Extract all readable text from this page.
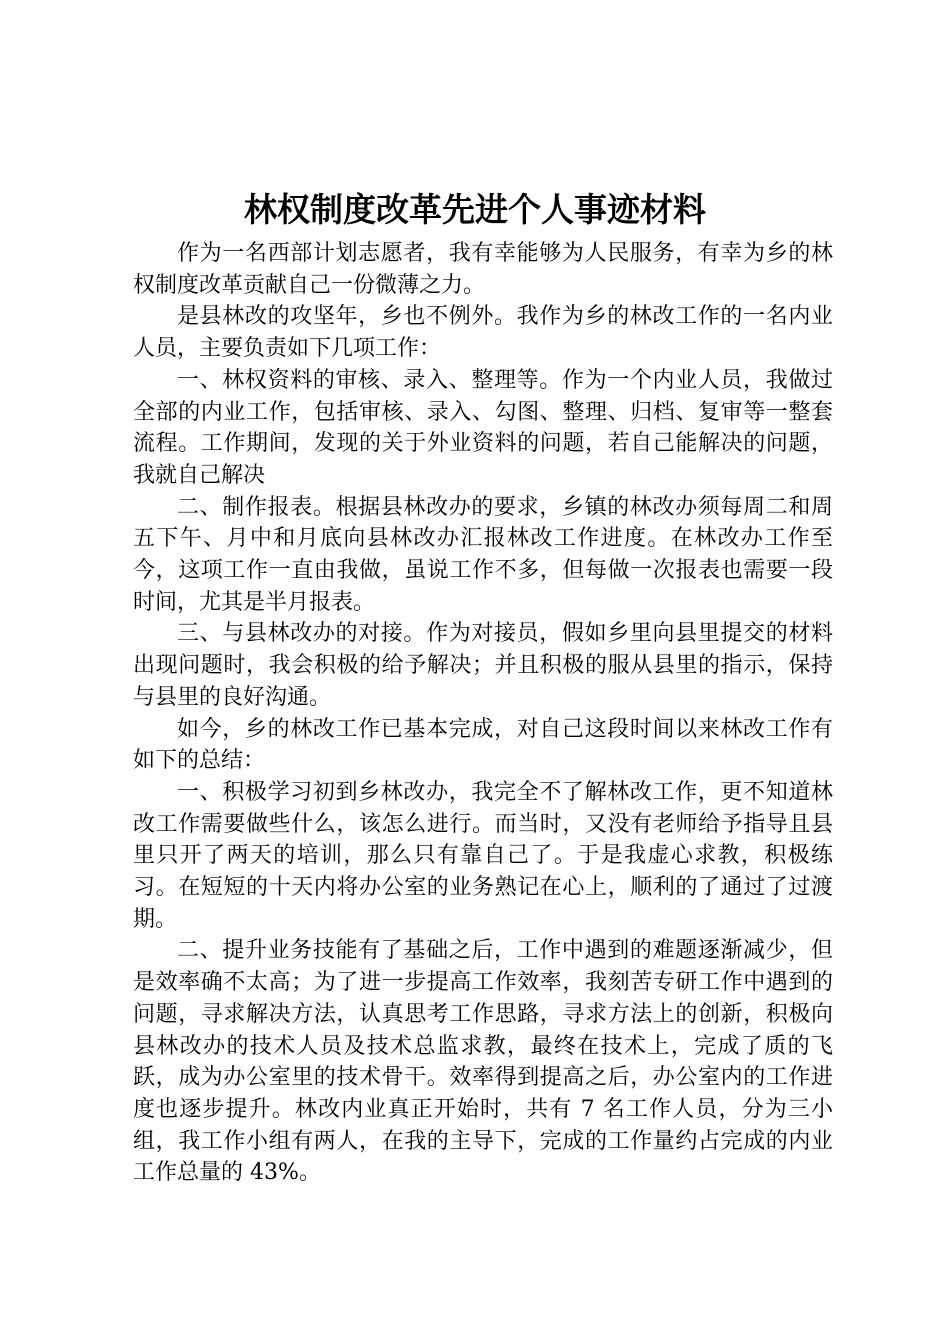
林权制度改革先进个人事迹材料

作为一名西部计划志愿者，我有幸能够为人民服务，有幸为乡的林权制度改革贡献自己一份微薄之力。

是县林改的攻坚年，乡也不例外。我作为乡的林改工作的一名内业人员，主要负责如下几项工作：

一、林权资料的审核、录入、整理等。作为一个内业人员，我做过全部的内业工作，包括审核、录入、勾图、整理、归档、复审等一整套流程。工作期间，发现的关于外业资料的问题，若自己能解决的问题，我就自己解决

二、制作报表。根据县林改办的要求，乡镇的林改办须每周二和周五下午、月中和月底向县林改办汇报林改工作进度。在林改办工作至今，这项工作一直由我做，虽说工作不多，但每做一次报表也需要一段时间，尤其是半月报表。

三、与县林改办的对接。作为对接员，假如乡里向县里提交的材料出现问题时，我会积极的给予解决；并且积极的服从县里的指示，保持与县里的良好沟通。

如今，乡的林改工作已基本完成，对自己这段时间以来林改工作有如下的总结：

一、积极学习初到乡林改办，我完全不了解林改工作，更不知道林改工作需要做些什么，该怎么进行。而当时，又没有老师给予指导且县里只开了两天的培训，那么只有靠自己了。于是我虚心求教，积极练习。在短短的十天内将办公室的业务熟记在心上，顺利的了通过了过渡期。

二、提升业务技能有了基础之后，工作中遇到的难题逐渐减少，但是效率确不太高；为了进一步提高工作效率，我刻苦专研工作中遇到的问题，寻求解决方法，认真思考工作思路，寻求方法上的创新，积极向县林改办的技术人员及技术总监求教，最终在技术上，完成了质的飞跃，成为办公室里的技术骨干。效率得到提高之后，办公室内的工作进度也逐步提升。林改内业真正开始时，共有 7 名工作人员，分为三小组，我工作小组有两人，在我的主导下，完成的工作量约占完成的内业工作总量的 43%。
